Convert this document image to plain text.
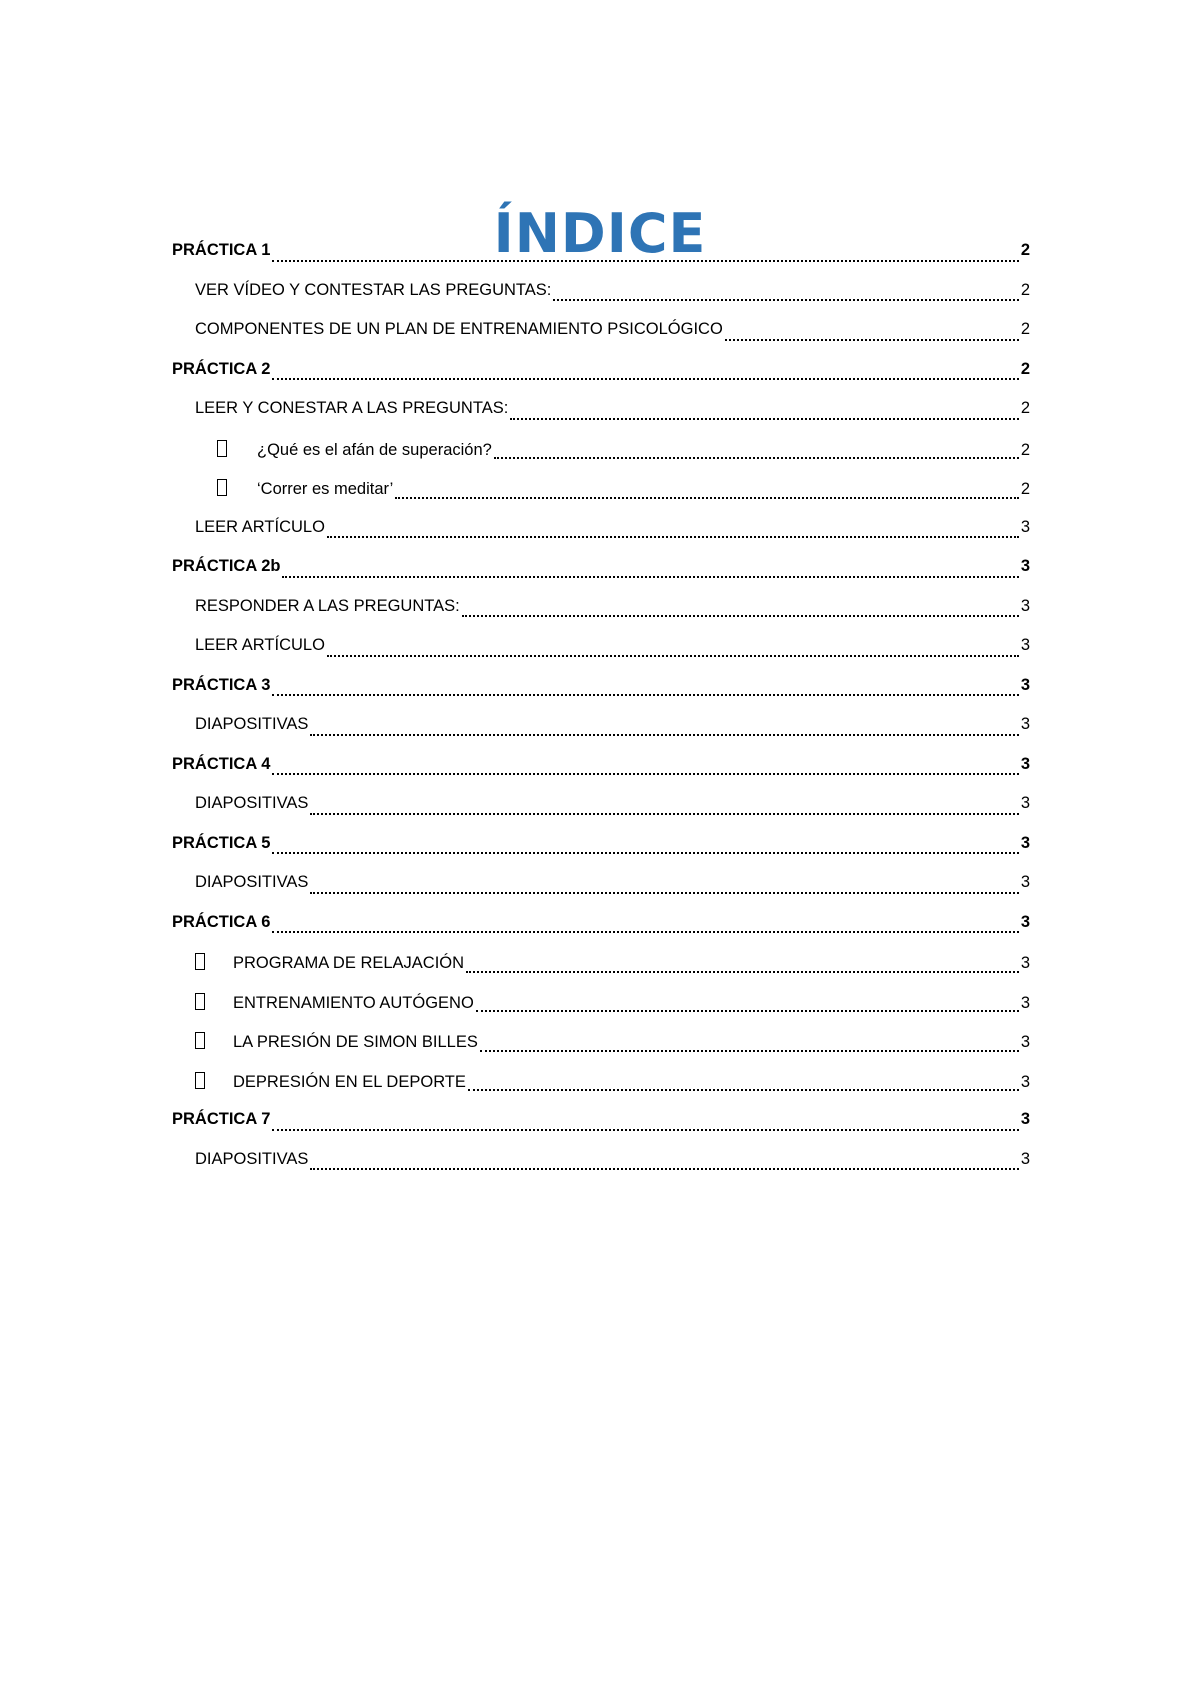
ÍNDICE
PRÁCTICA 1	2
VER VÍDEO Y CONTESTAR LAS PREGUNTAS:	2
COMPONENTES DE UN PLAN DE ENTRENAMIENTO PSICOLÓGICO	2
PRÁCTICA 2	2
LEER Y CONESTAR A LAS PREGUNTAS:	2
¿Qué es el afán de superación?	2
‘Correr es meditar’	2
LEER ARTÍCULO	3
PRÁCTICA 2b	3
RESPONDER A LAS PREGUNTAS:	3
LEER ARTÍCULO	3
PRÁCTICA 3	3
DIAPOSITIVAS	3
PRÁCTICA 4	3
DIAPOSITIVAS	3
PRÁCTICA 5	3
DIAPOSITIVAS	3
PRÁCTICA 6	3
PROGRAMA DE RELAJACIÓN	3
ENTRENAMIENTO AUTÓGENO	3
LA PRESIÓN DE SIMON BILLES	3
DEPRESIÓN EN EL DEPORTE	3
PRÁCTICA 7	3
DIAPOSITIVAS	3
